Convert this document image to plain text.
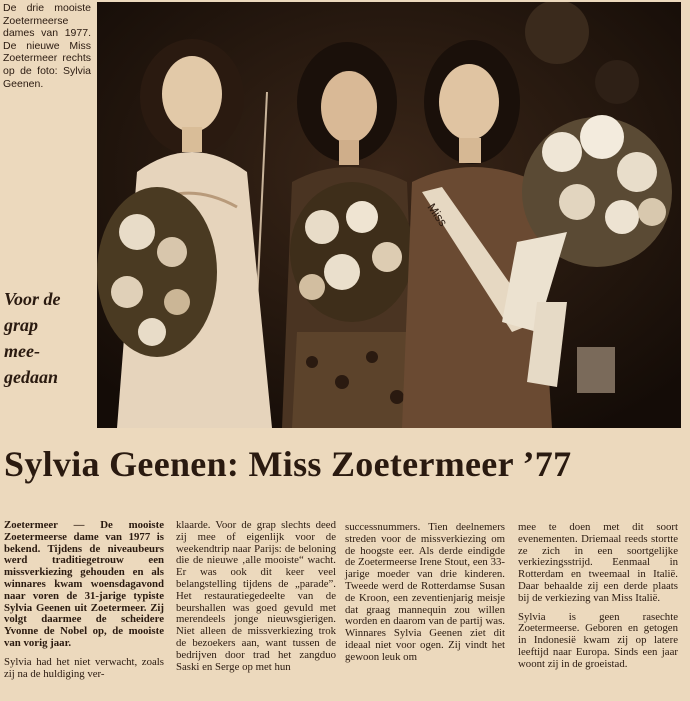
De drie mooiste Zoetermeerse dames van 1977. De nieuwe Miss Zoetermeer rechts op de foto: Sylvia Geenen.

Miss
Voor de
grap
mee-
gedaan
Sylvia Geenen: Miss Zoetermeer ’77

Zoetermeer — De mooiste Zoetermeerse dame van 1977 is bekend. Tijdens de niveaubeurs werd traditiegetrouw een missverkiezing gehouden en als winnares kwam woensdagavond naar voren de 31-jarige typiste Sylvia Geenen uit Zoetermeer. Zij volgt daarmee de scheidere Yvonne de Nobel op, de mooiste van vorig jaar.

Sylvia had het niet verwacht, zoals zij na de huldiging ver-

klaarde. Voor de grap slechts deed zij mee of eigenlijk voor de weekendtrip naar Parijs: de beloning die de nieuwe ‚alle mooiste“ wacht. Er was ook dit keer veel belangstelling tijdens de „parade”. Het restauratiegedeelte van de beurshallen was goed gevuld met merendeels jonge nieuwsgierigen. Niet alleen de missverkiezing trok de bezoekers aan, want tussen de bedrijven door trad het zangduo Saski en Serge op met hun

successnummers. Tien deelnemers streden voor de missverkiezing om de hoogste eer. Als derde eindigde de Zoetermeerse Irene Stout, een 33-jarige moeder van drie kinderen. Tweede werd de Rotterdamse Susan de Kroon, een zeventienjarig meisje dat graag mannequin zou willen worden en daarom van de partij was. Winnares Sylvia Geenen ziet dit ideaal niet voor ogen. Zij vindt het gewoon leuk om

mee te doen met dit soort evenementen. Driemaal reeds stortte ze zich in een soortgelijke verkiezingsstrijd. Eenmaal in Rotterdam en tweemaal in Italië. Daar behaalde zij een derde plaats bij de verkiezing van Miss Italië.

Sylvia is geen rasechte Zoetermeerse. Geboren en getogen in Indonesië kwam zij op latere leeftijd naar Europa. Sinds een jaar woont zij in de groeistad.
